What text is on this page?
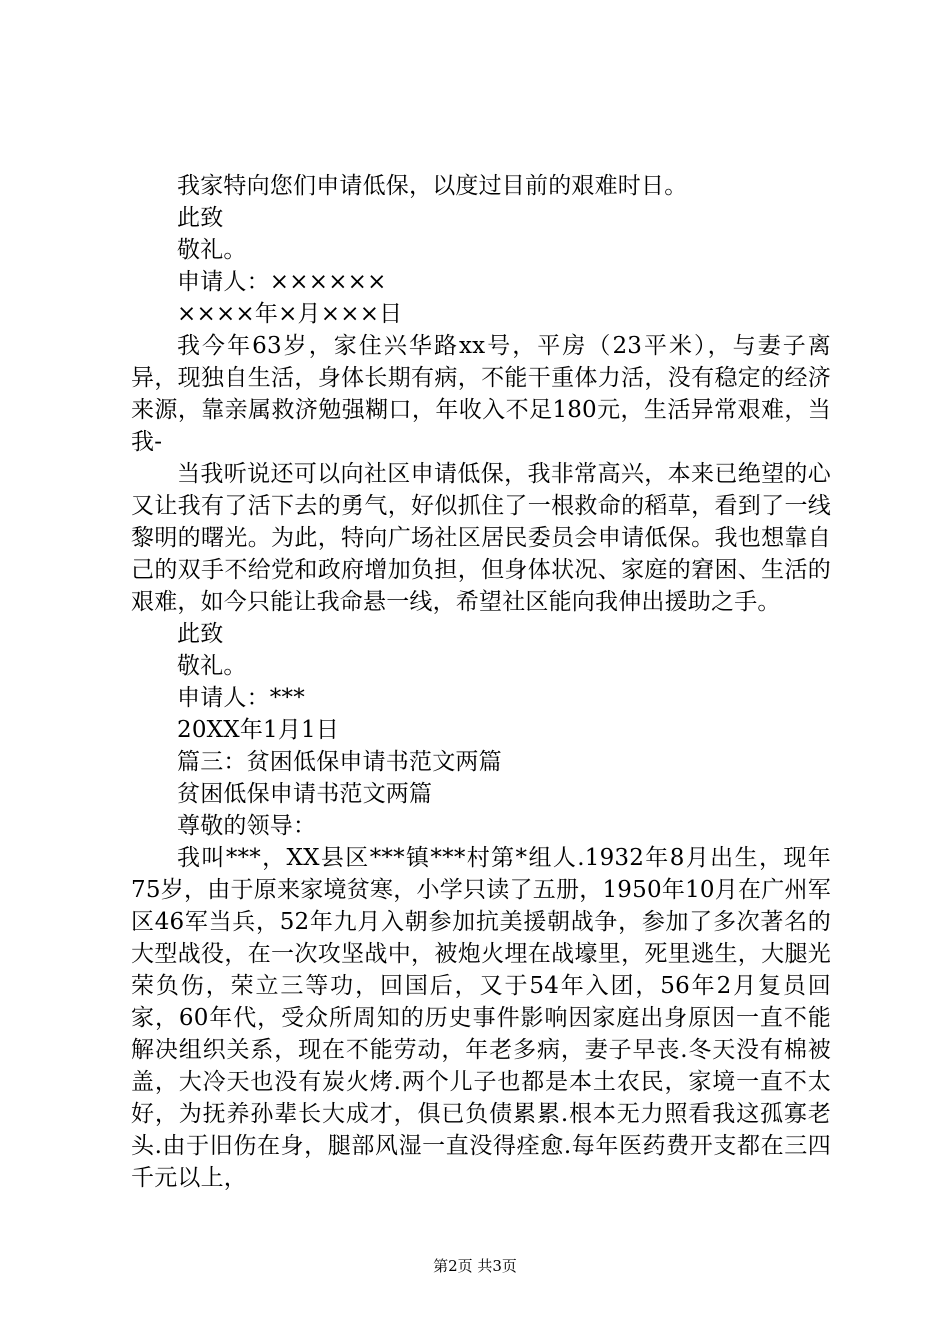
我家特向您们申请低保，以度过目前的艰难时日。
此致
敬礼。
申请人：××××××
××××年×月×××日

我今年63岁，家住兴华路xx号，平房（23平米），与妻子离异，现独自生活，身体长期有病，不能干重体力活，没有稳定的经济来源，靠亲属救济勉强糊口，年收入不足180元，生活异常艰难，当我-

当我听说还可以向社区申请低保，我非常高兴，本来已绝望的心又让我有了活下去的勇气，好似抓住了一根救命的稻草，看到了一线黎明的曙光。为此，特向广场社区居民委员会申请低保。我也想靠自己的双手不给党和政府增加负担，但身体状况、家庭的窘困、生活的艰难，如今只能让我命悬一线，希望社区能向我伸出援助之手。

此致
敬礼。
申请人：***
20XX年1月1日
篇三：贫困低保申请书范文两篇
贫困低保申请书范文两篇
尊敬的领导：

我叫***，XX县区***镇***村第*组人.1932年8月出生，现年75岁，由于原来家境贫寒，小学只读了五册，1950年10月在广州军区46军当兵，52年九月入朝参加抗美援朝战争，参加了多次著名的大型战役，在一次攻坚战中，被炮火埋在战壕里，死里逃生，大腿光荣负伤，荣立三等功，回国后，又于54年入团，56年2月复员回家，60年代，受众所周知的历史事件影响因家庭出身原因一直不能解决组织关系，现在不能劳动，年老多病，妻子早丧.冬天没有棉被盖，大冷天也没有炭火烤.两个儿子也都是本土农民，家境一直不太好，为抚养孙辈长大成才，俱已负债累累.根本无力照看我这孤寡老头.由于旧伤在身，腿部风湿一直没得痊愈.每年医药费开支都在三四千元以上，

第2页 共3页
